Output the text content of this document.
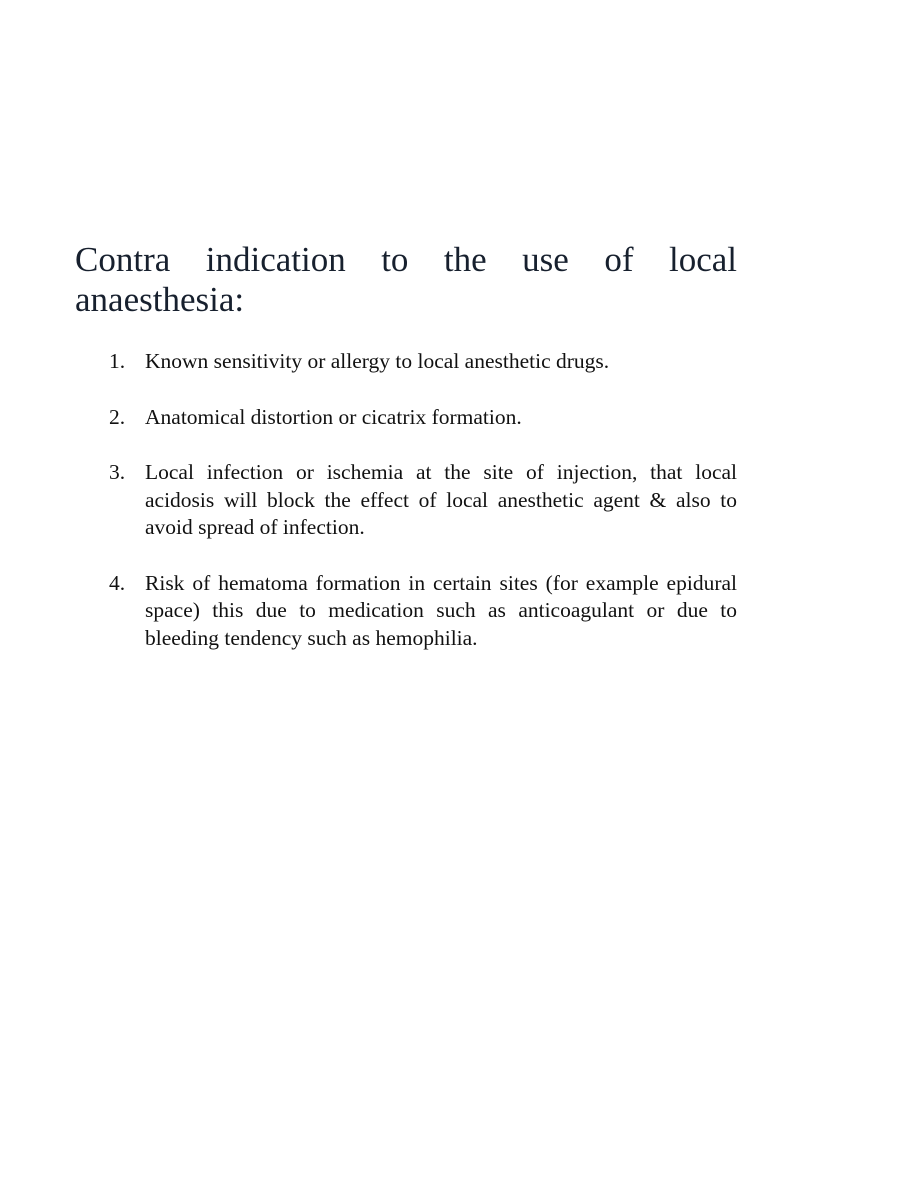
Contra indication to the use of local anaesthesia:
1. Known sensitivity or allergy to local anesthetic drugs.
2. Anatomical distortion or cicatrix formation.
3. Local infection or ischemia at the site of injection, that local acidosis will block the effect of local anesthetic agent & also to avoid spread of infection.
4. Risk of hematoma formation in certain sites (for example epidural space) this due to medication such as anticoagulant or due to bleeding tendency such as hemophilia.
